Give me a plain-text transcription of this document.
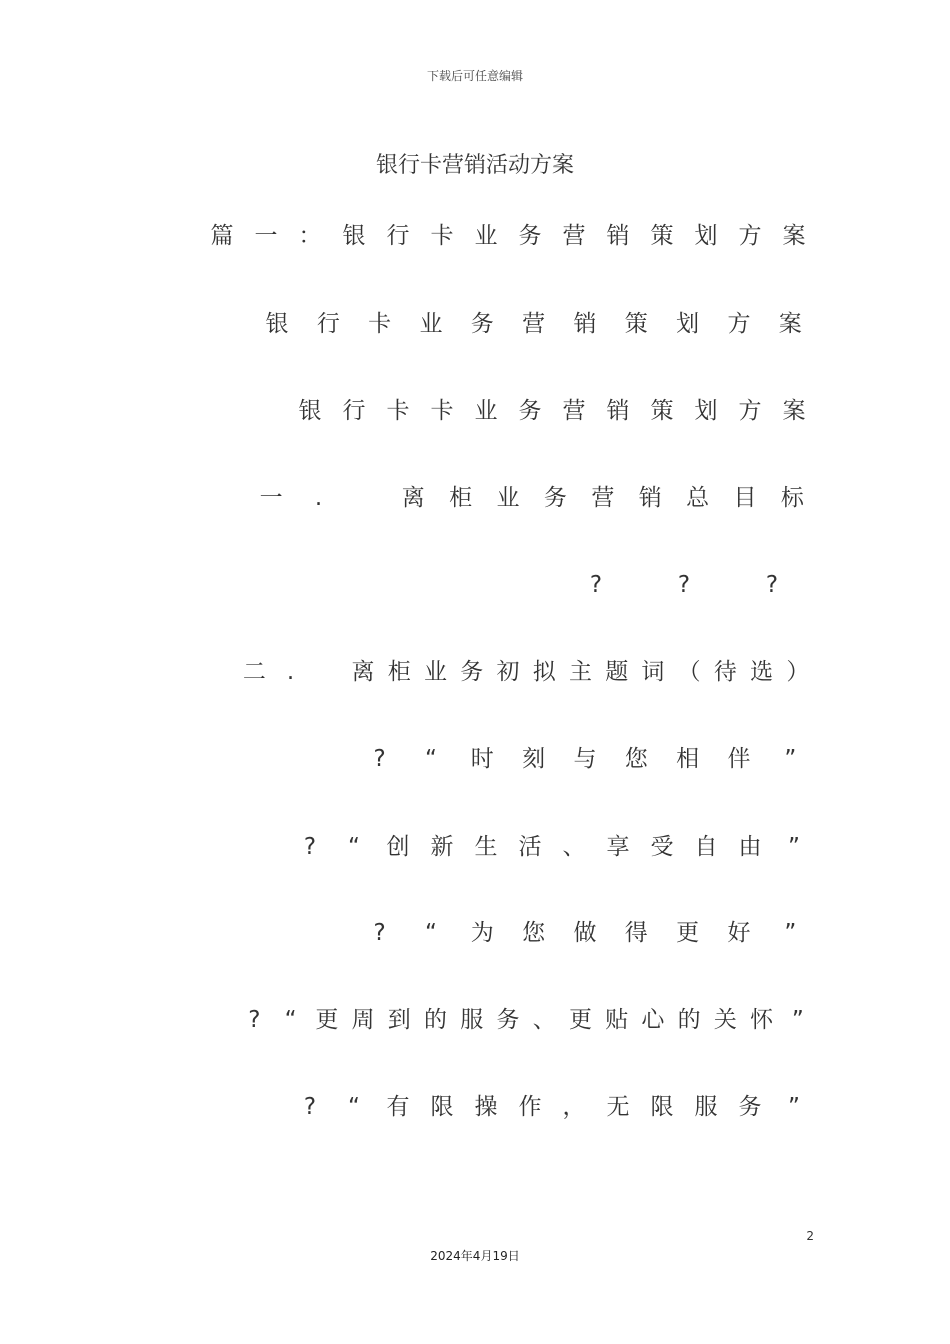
下载后可任意编辑
银行卡营销活动方案
篇 一 ： 银 行 卡 业 务 营 销 策 划 方 案
银	行	卡	业	务	营	销	策	划	方	案
银 行 卡 卡 业 务 营 销 策 划 方 案
一	.
　	离	柜	业	务	营	销	总	目	标
?	?	?
二 .
　	离 柜 业 务 初 拟 主 题 词 （ 待 选 ）
?	“	时	刻	与	您	相	伴	”
?	“	创 新 生 活 、 享 受 自 由	”
?	“	为	您	做	得	更	好	”
?	“ 更 周 到 的 服 务 、 更 贴 心 的 关 怀 ”
?	“	有 限 操 作 ， 无 限 服 务	”
2
2024年4月19日
